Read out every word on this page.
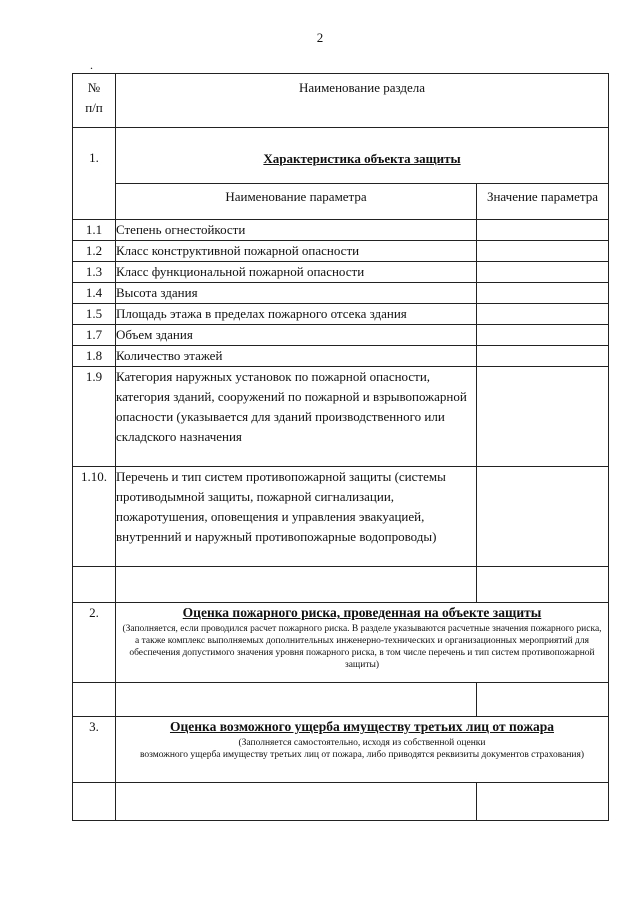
2
.
№
п/п	Наименование раздела	
1.	Характеристика объекта защиты	
	Наименование параметра	Значение параметра
1.1	Степень огнестойкости	
1.2	Класс конструктивной пожарной опасности	
1.3	Класс функциональной пожарной опасности	
1.4	Высота здания	
1.5	Площадь этажа в пределах пожарного отсека здания	
1.7	Объем здания	
1.8	Количество этажей	
1.9	Категория наружных установок по пожарной опасности, категория зданий, сооружений по пожарной и взрывопожарной опасности (указывается для зданий производственного или складского назначения	
1.10.	Перечень и тип систем противопожарной защиты (системы противодымной защиты, пожарной сигнализации, пожаротушения, оповещения и управления эвакуацией, внутренний и наружный противопожарные водопроводы)	

2.	Оценка пожарного риска, проведенная на объекте защиты
(Заполняется, если проводился расчет пожарного риска. В разделе указываются расчетные значения пожарного риска, а также комплекс выполняемых дополнительных инженерно-технических и организационных мероприятий для обеспечения допустимого значения уровня пожарного риска, в том числе перечень и тип систем противопожарной защиты)	

3.	Оценка возможного ущерба имуществу третьих лиц от пожара
(Заполняется самостоятельно, исходя из собственной оценки
возможного ущерба имуществу третьих лиц от пожара, либо приводятся реквизиты документов страхования)	
